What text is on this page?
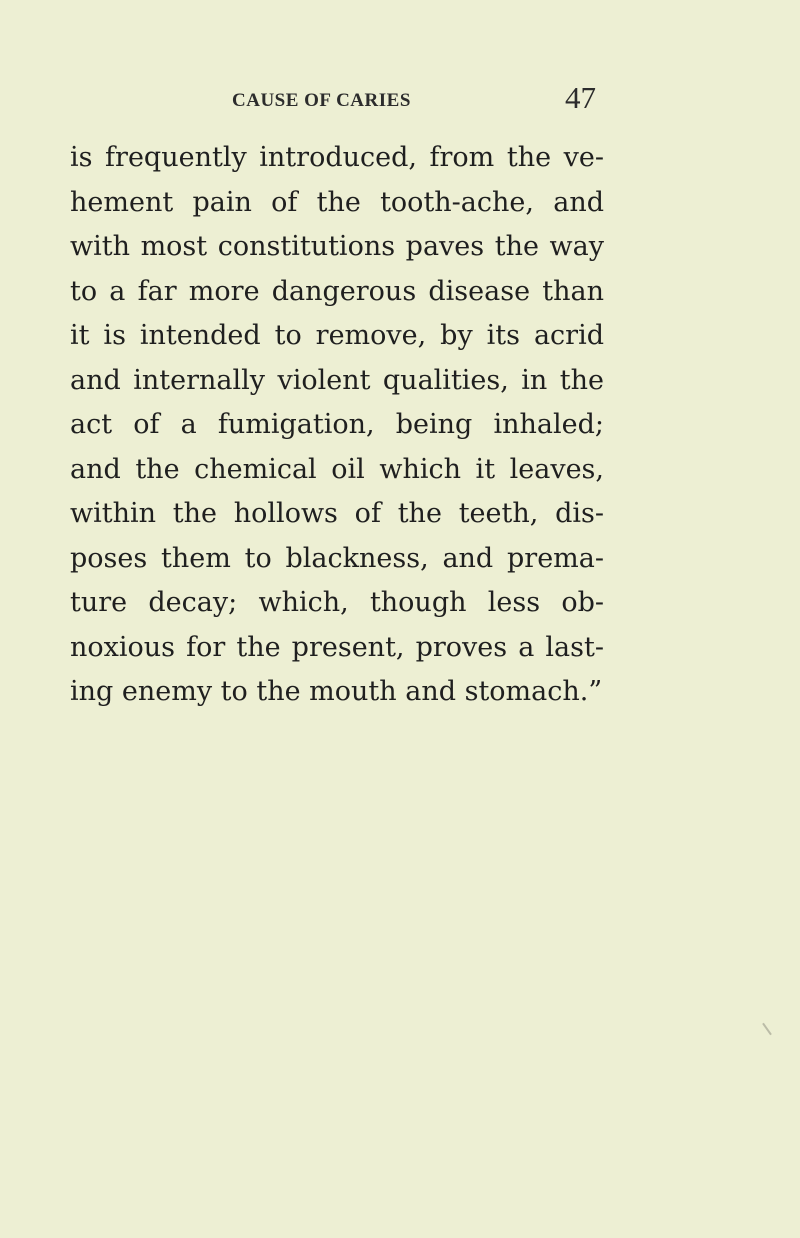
CAUSE OF CARIES	47
is frequently introduced, from the ve-
hement pain of the tooth-ache, and
with most constitutions paves the way
to a far more dangerous disease than
it is intended to remove, by its acrid
and internally violent qualities, in the
act of a fumigation, being inhaled;
and the chemical oil which it leaves,
within the hollows of the teeth, dis-
poses them to blackness, and prema-
ture decay; which, though less ob-
noxious for the present, proves a last-
ing enemy to the mouth and stomach.”
